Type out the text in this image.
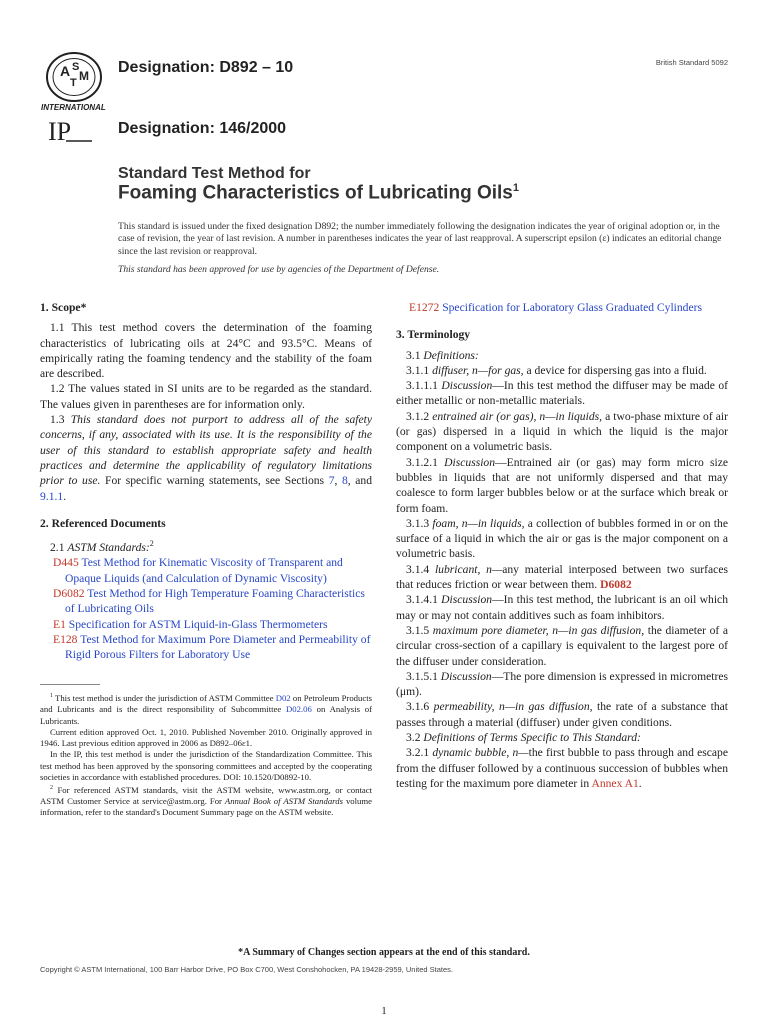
A S
T M
INTERNATIONAL
IP
Designation: D892 – 10
Designation: 146/2000
British Standard 5092
Standard Test Method for
Foaming Characteristics of Lubricating Oils$^1$
This standard is issued under the fixed designation D892; the number immediately following the designation indicates the year of original adoption or, in the case of revision, the year of last revision. A number in parentheses indicates the year of last reapproval. A superscript epsilon (ε) indicates an editorial change since the last revision or reapproval.
This standard has been approved for use by agencies of the Department of Defense.

1. Scope*

1.1 This test method covers the determination of the foaming characteristics of lubricating oils at 24°C and 93.5°C. Means of empirically rating the foaming tendency and the stability of the foam are described.

1.2 The values stated in SI units are to be regarded as the standard. The values given in parentheses are for information only.

1.3 This standard does not purport to address all of the safety concerns, if any, associated with its use. It is the responsibility of the user of this standard to establish appropriate safety and health practices and determine the applicability of regulatory limitations prior to use. For specific warning statements, see Sections 7, 8, and 9.1.1.

2. Referenced Documents

2.1 ASTM Standards:$^2$

D445 Test Method for Kinematic Viscosity of Transparent and Opaque Liquids (and Calculation of Dynamic Viscosity)

D6082 Test Method for High Temperature Foaming Characteristics of Lubricating Oils

E1 Specification for ASTM Liquid-in-Glass Thermometers

E128 Test Method for Maximum Pore Diameter and Permeability of Rigid Porous Filters for Laboratory Use

$^1$ This test method is under the jurisdiction of ASTM Committee D02 on Petroleum Products and Lubricants and is the direct responsibility of Subcommittee D02.06 on Analysis of Lubricants.

Current edition approved Oct. 1, 2010. Published November 2010. Originally approved in 1946. Last previous edition approved in 2006 as D892–06ε1.

In the IP, this test method is under the jurisdiction of the Standardization Committee. This test method has been approved by the sponsoring committees and accepted by the cooperating societies in accordance with established procedures. DOI: 10.1520/D0892-10.

$^2$ For referenced ASTM standards, visit the ASTM website, www.astm.org, or contact ASTM Customer Service at service@astm.org. For Annual Book of ASTM Standards volume information, refer to the standard's Document Summary page on the ASTM website.

E1272 Specification for Laboratory Glass Graduated Cylinders

3. Terminology

3.1 Definitions:

3.1.1 diffuser, n—for gas, a device for dispersing gas into a fluid.

3.1.1.1 Discussion—In this test method the diffuser may be made of either metallic or non-metallic materials.

3.1.2 entrained air (or gas), n—in liquids, a two-phase mixture of air (or gas) dispersed in a liquid in which the liquid is the major component on a volumetric basis.

3.1.2.1 Discussion—Entrained air (or gas) may form micro size bubbles in liquids that are not uniformly dispersed and that may coalesce to form larger bubbles below or at the surface which break or form foam.

3.1.3 foam, n—in liquids, a collection of bubbles formed in or on the surface of a liquid in which the air or gas is the major component on a volumetric basis.

3.1.4 lubricant, n—any material interposed between two surfaces that reduces friction or wear between them. D6082

3.1.4.1 Discussion—In this test method, the lubricant is an oil which may or may not contain additives such as foam inhibitors.

3.1.5 maximum pore diameter, n—in gas diffusion, the diameter of a circular cross-section of a capillary is equivalent to the largest pore of the diffuser under consideration.

3.1.5.1 Discussion—The pore dimension is expressed in micrometres (μm).

3.1.6 permeability, n—in gas diffusion, the rate of a substance that passes through a material (diffuser) under given conditions.

3.2 Definitions of Terms Specific to This Standard:

3.2.1 dynamic bubble, n—the first bubble to pass through and escape from the diffuser followed by a continuous succession of bubbles when testing for the maximum pore diameter in Annex A1.

*A Summary of Changes section appears at the end of this standard.
Copyright © ASTM International, 100 Barr Harbor Drive, PO Box C700, West Conshohocken, PA 19428-2959, United States.
1
